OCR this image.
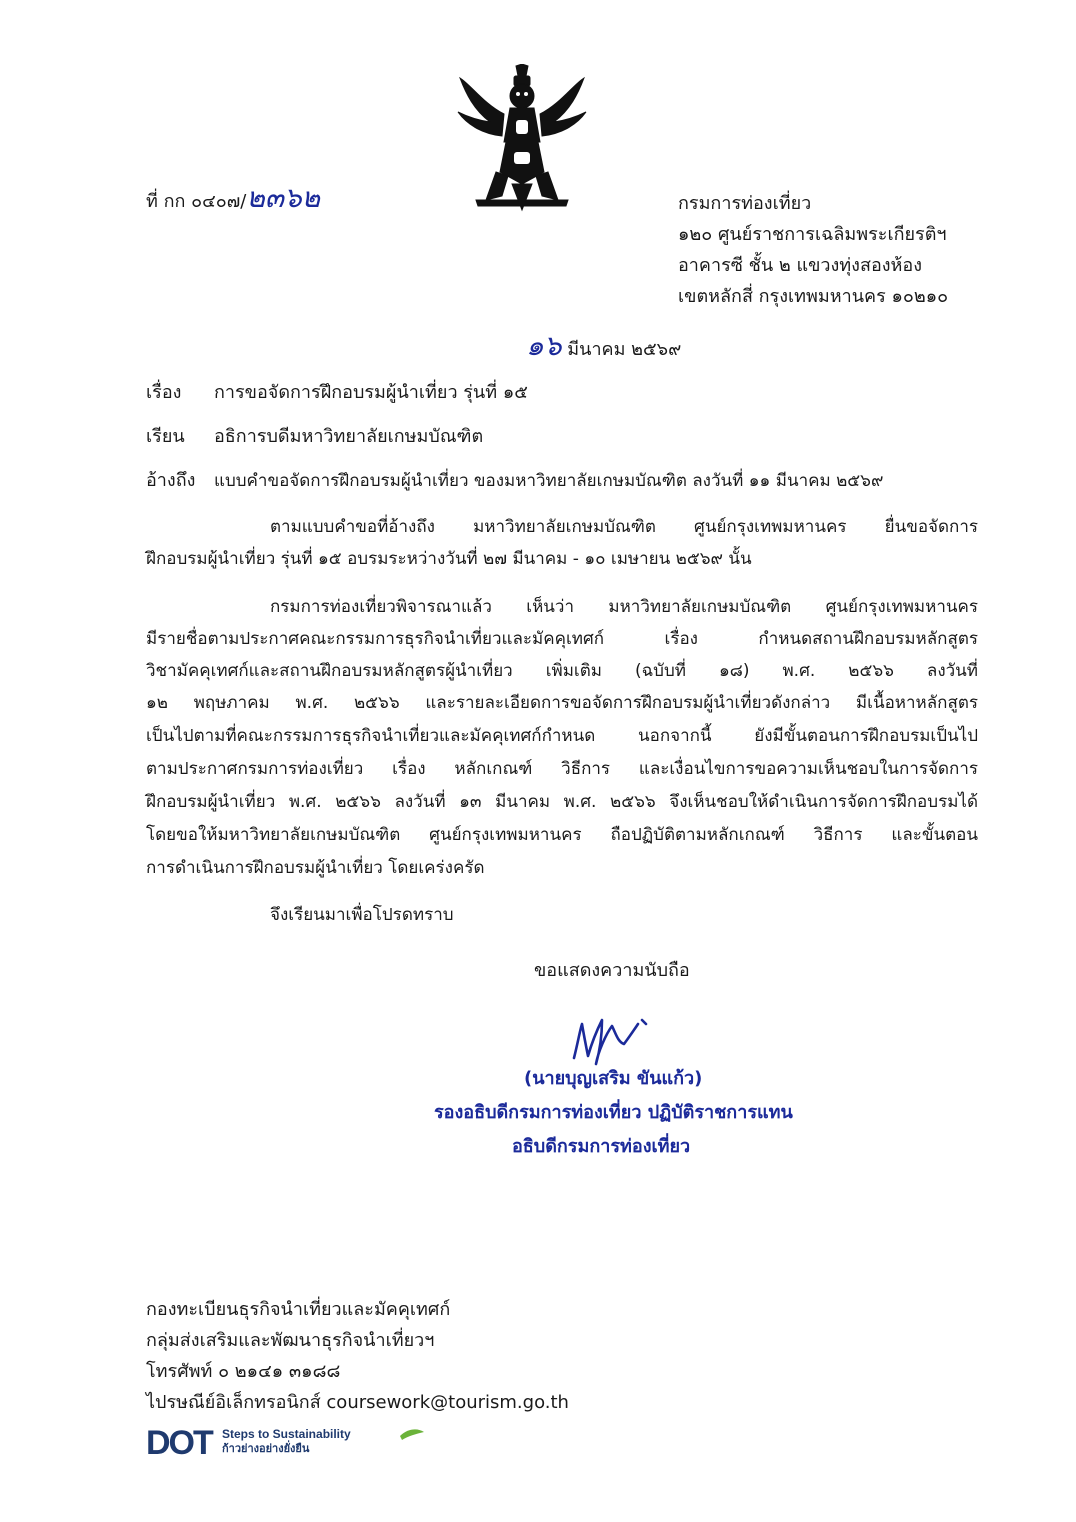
ที่ กก ๐๔๐๗/๒๓๖๒	กรมการท่องเที่ยว
๑๒๐ ศูนย์ราชการเฉลิมพระเกียรติฯ
อาคารซี ชั้น ๒ แขวงทุ่งสองห้อง
เขตหลักสี่ กรุงเทพมหานคร ๑๐๒๑๐
๑๖ มีนาคม ๒๕๖๙
เรื่อง การขอจัดการฝึกอบรมผู้นำเที่ยว รุ่นที่ ๑๕
เรียน อธิการบดีมหาวิทยาลัยเกษมบัณฑิต
อ้างถึง แบบคำขอจัดการฝึกอบรมผู้นำเที่ยว ของมหาวิทยาลัยเกษมบัณฑิต ลงวันที่ ๑๑ มีนาคม ๒๕๖๙
ตามแบบคำขอที่อ้างถึง มหาวิทยาลัยเกษมบัณฑิต ศูนย์กรุงเทพมหานคร ยื่นขอจัดการ
ฝึกอบรมผู้นำเที่ยว รุ่นที่ ๑๕ อบรมระหว่างวันที่ ๒๗ มีนาคม - ๑๐ เมษายน ๒๕๖๙ นั้น
กรมการท่องเที่ยวพิจารณาแล้ว เห็นว่า มหาวิทยาลัยเกษมบัณฑิต ศูนย์กรุงเทพมหานคร
มีรายชื่อตามประกาศคณะกรรมการธุรกิจนำเที่ยวและมัคคุเทศก์ เรื่อง กำหนดสถานฝึกอบรมหลักสูตร
วิชามัคคุเทศก์และสถานฝึกอบรมหลักสูตรผู้นำเที่ยว เพิ่มเติม (ฉบับที่ ๑๘) พ.ศ. ๒๕๖๖ ลงวันที่
๑๒ พฤษภาคม พ.ศ. ๒๕๖๖ และรายละเอียดการขอจัดการฝึกอบรมผู้นำเที่ยวดังกล่าว มีเนื้อหาหลักสูตร
เป็นไปตามที่คณะกรรมการธุรกิจนำเที่ยวและมัคคุเทศก์กำหนด นอกจากนี้ ยังมีขั้นตอนการฝึกอบรมเป็นไป
ตามประกาศกรมการท่องเที่ยว เรื่อง หลักเกณฑ์ วิธีการ และเงื่อนไขการขอความเห็นชอบในการจัดการ
ฝึกอบรมผู้นำเที่ยว พ.ศ. ๒๕๖๖ ลงวันที่ ๑๓ มีนาคม พ.ศ. ๒๕๖๖ จึงเห็นชอบให้ดำเนินการจัดการฝึกอบรมได้
โดยขอให้มหาวิทยาลัยเกษมบัณฑิต ศูนย์กรุงเทพมหานคร ถือปฏิบัติตามหลักเกณฑ์ วิธีการ และขั้นตอน
การดำเนินการฝึกอบรมผู้นำเที่ยว โดยเคร่งครัด
จึงเรียนมาเพื่อโปรดทราบ
ขอแสดงความนับถือ
(นายบุญเสริม ขันแก้ว)
รองอธิบดีกรมการท่องเที่ยว ปฏิบัติราชการแทน
อธิบดีกรมการท่องเที่ยว
กองทะเบียนธุรกิจนำเที่ยวและมัคคุเทศก์
กลุ่มส่งเสริมและพัฒนาธุรกิจนำเที่ยวฯ
โทรศัพท์ ๐ ๒๑๔๑ ๓๑๘๘
ไปรษณีย์อิเล็กทรอนิกส์ coursework@tourism.go.th
DOT Steps to Sustainability
ก้าวย่างอย่างยั่งยืน
